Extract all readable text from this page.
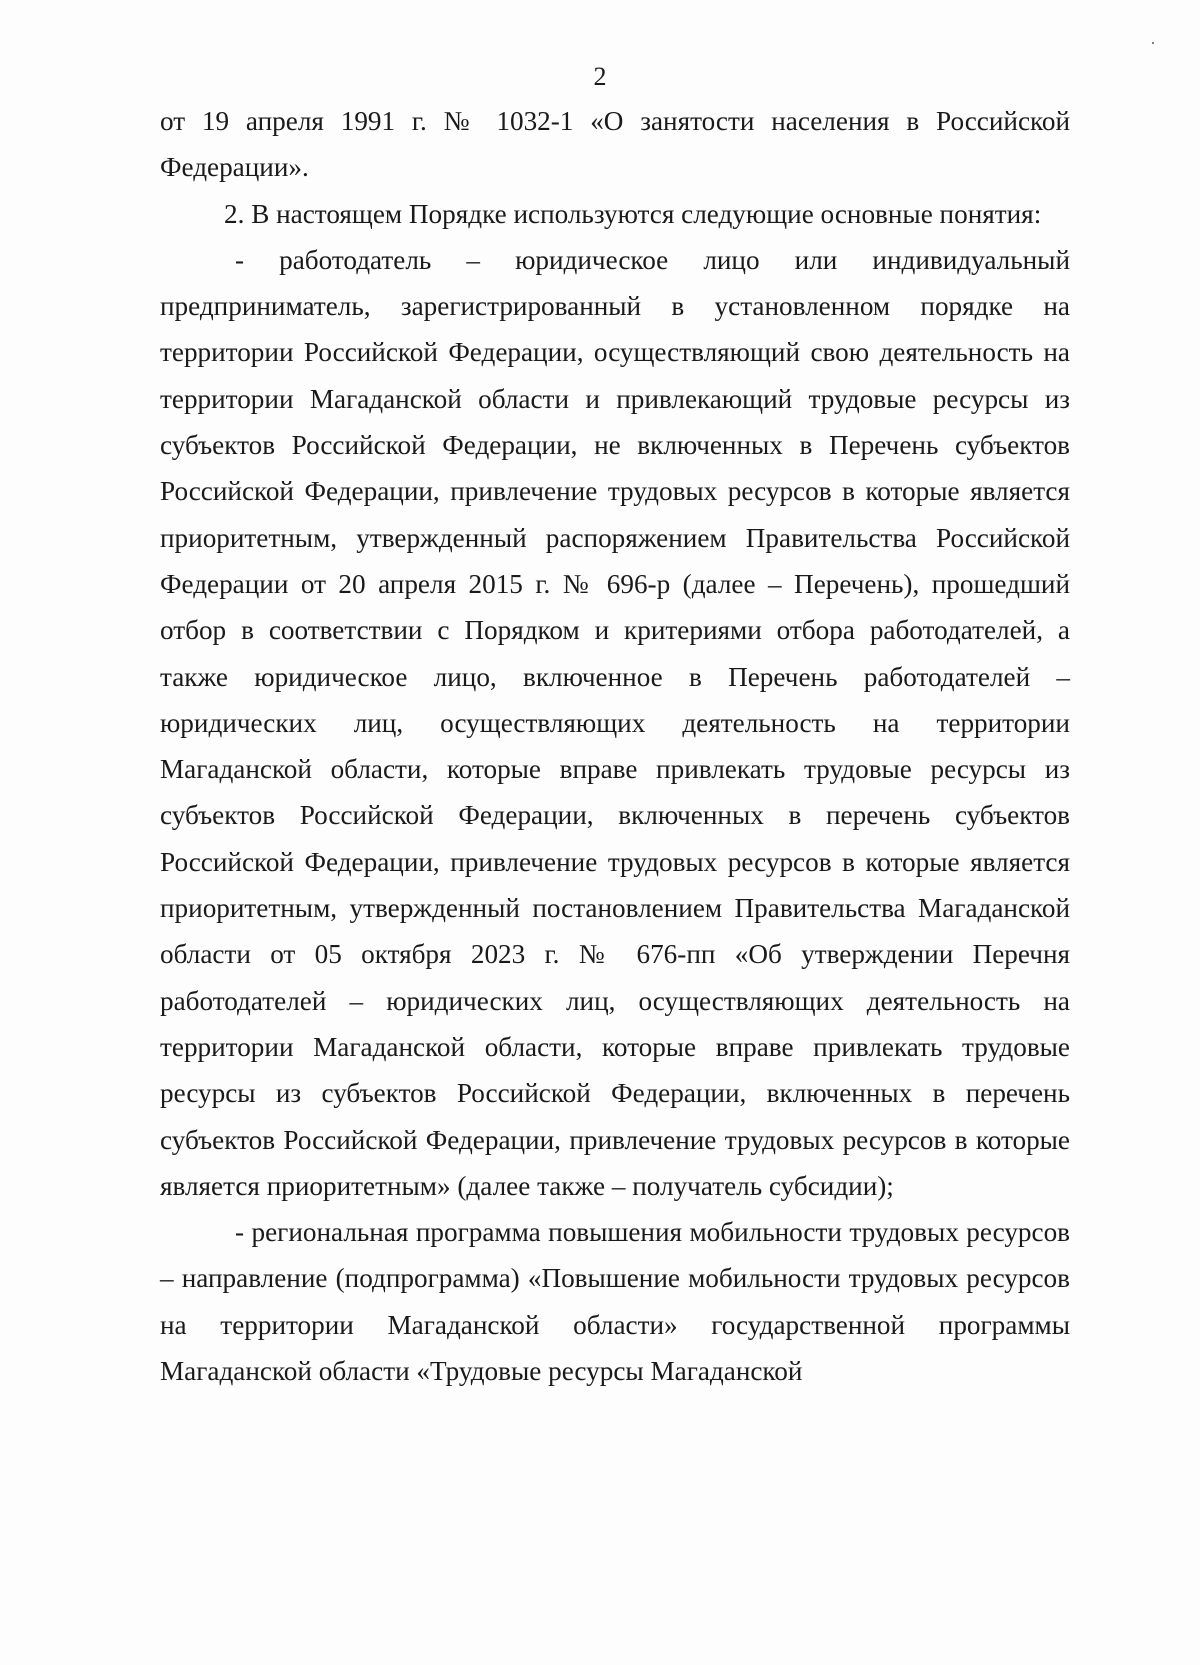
2

от 19 апреля 1991 г. № 1032-1 «О занятости населения в Российской Федерации».

2. В настоящем Порядке используются следующие основные понятия:

- работодатель – юридическое лицо или индивидуальный предприниматель, зарегистрированный в установленном порядке на территории Российской Федерации, осуществляющий свою деятельность на территории Магаданской области и привлекающий трудовые ресурсы из субъектов Российской Федерации, не включенных в Перечень субъектов Российской Федерации, привлечение трудовых ресурсов в которые является приоритетным, утвержденный распоряжением Правительства Российской Федерации от 20 апреля 2015 г. № 696-р (далее – Перечень), прошедший отбор в соответствии с Порядком и критериями отбора работодателей, а также юридическое лицо, включенное в Перечень работодателей – юридических лиц, осуществляющих деятельность на территории Магаданской области, которые вправе привлекать трудовые ресурсы из субъектов Российской Федерации, включенных в перечень субъектов Российской Федерации, привлечение трудовых ресурсов в которые является приоритетным, утвержденный постановлением Правительства Магаданской области от 05 октября 2023 г. № 676-пп «Об утверждении Перечня работодателей – юридических лиц, осуществляющих деятельность на территории Магаданской области, которые вправе привлекать трудовые ресурсы из субъектов Российской Федерации, включенных в перечень субъектов Российской Федерации, привлечение трудовых ресурсов в которые является приоритетным» (далее также – получатель субсидии);

- региональная программа повышения мобильности трудовых ресурсов – направление (подпрограмма) «Повышение мобильности трудовых ресурсов на территории Магаданской области» государственной программы Магаданской области «Трудовые ресурсы Магаданской
